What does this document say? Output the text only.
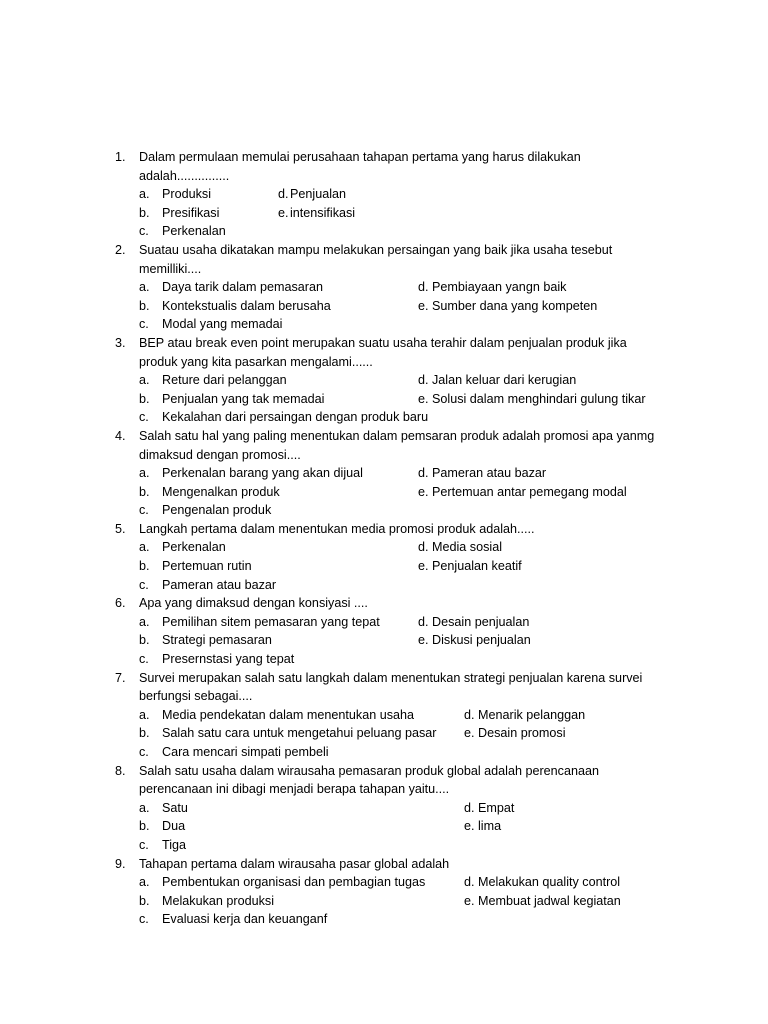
1. Dalam permulaan memulai perusahaan tahapan pertama yang harus dilakukan
adalah...............
a. Produksi	d. Penjualan
b. Presifikasi	e. intensifikasi
c. Perkenalan
2. Suatau usaha dikatakan mampu melakukan persaingan yang baik jika usaha tesebut
memilliki....
a. Daya tarik dalam pemasaran	d. Pembiayaan yangn baik
b. Kontekstualis dalam berusaha	e. Sumber dana yang kompeten
c. Modal yang memadai
3. BEP atau break even point merupakan suatu usaha terahir dalam penjualan produk jika
produk yang kita pasarkan mengalami......
a. Reture dari pelanggan	d. Jalan keluar dari kerugian
b. Penjualan yang tak memadai	e. Solusi dalam menghindari gulung tikar
c. Kekalahan dari persaingan dengan produk baru
4. Salah satu hal yang paling menentukan dalam pemsaran produk adalah promosi apa yanmg
dimaksud dengan promosi....
a. Perkenalan barang yang akan dijual	d. Pameran atau bazar
b. Mengenalkan produk	e. Pertemuan antar pemegang modal
c. Pengenalan produk
5. Langkah pertama dalam menentukan media promosi produk adalah.....
a. Perkenalan	d. Media sosial
b. Pertemuan rutin	e. Penjualan keatif
c. Pameran atau bazar
6. Apa yang dimaksud dengan konsiyasi ....
a. Pemilihan sitem pemasaran yang tepat	d. Desain penjualan
b. Strategi pemasaran	e. Diskusi penjualan
c. Presernstasi yang tepat
7. Survei merupakan salah satu langkah dalam menentukan strategi penjualan karena survei
berfungsi sebagai....
a. Media pendekatan dalam menentukan usaha	d. Menarik pelanggan
b. Salah satu cara untuk mengetahui peluang pasar e. Desain promosi
c. Cara mencari simpati pembeli
8. Salah satu usaha dalam wirausaha pemasaran produk global adalah perencanaan
perencanaan ini dibagi menjadi berapa tahapan yaitu....
a. Satu	d. Empat
b. Dua	e. lima
c. Tiga
9. Tahapan pertama dalam wirausaha pasar global adalah
a. Pembentukan organisasi dan pembagian tugas	d. Melakukan quality control
b. Melakukan produksi	e. Membuat jadwal kegiatan
c. Evaluasi kerja dan keuanganf
